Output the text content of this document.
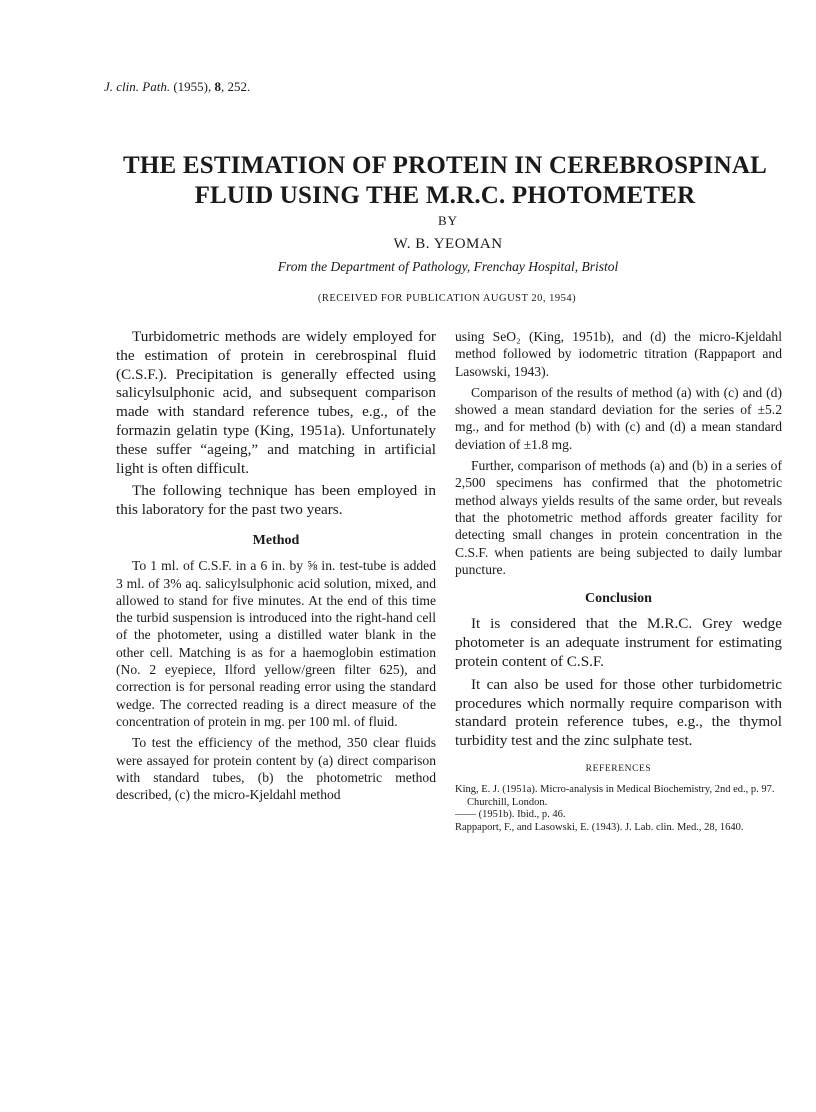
J. clin. Path. (1955), 8, 252.
THE ESTIMATION OF PROTEIN IN CEREBROSPINAL
FLUID USING THE M.R.C. PHOTOMETER
BY
W. B. YEOMAN
From the Department of Pathology, Frenchay Hospital, Bristol
(RECEIVED FOR PUBLICATION AUGUST 20, 1954)

Turbidometric methods are widely employed for the estimation of protein in cerebrospinal fluid (C.S.F.). Precipitation is generally effected using salicylsulphonic acid, and subsequent comparison made with standard reference tubes, e.g., of the formazin gelatin type (King, 1951a). Unfortunately these suffer “ageing,” and matching in artificial light is often difficult.

The following technique has been employed in this laboratory for the past two years.

Method

To 1 ml. of C.S.F. in a 6 in. by ⅝ in. test-tube is added 3 ml. of 3% aq. salicylsulphonic acid solution, mixed, and allowed to stand for five minutes. At the end of this time the turbid suspension is introduced into the right-hand cell of the photometer, using a distilled water blank in the other cell. Matching is as for a haemoglobin estimation (No. 2 eyepiece, Ilford yellow/green filter 625), and correction is for personal reading error using the standard wedge. The corrected reading is a direct measure of the concentration of protein in mg. per 100 ml. of fluid.

To test the efficiency of the method, 350 clear fluids were assayed for protein content by (a) direct comparison with standard tubes, (b) the photometric method described, (c) the micro-Kjeldahl method

using SeO₂ (King, 1951b), and (d) the micro-Kjeldahl method followed by iodometric titration (Rappaport and Lasowski, 1943).

Comparison of the results of method (a) with (c) and (d) showed a mean standard deviation for the series of ±5.2 mg., and for method (b) with (c) and (d) a mean standard deviation of ±1.8 mg.

Further, comparison of methods (a) and (b) in a series of 2,500 specimens has confirmed that the photometric method always yields results of the same order, but reveals that the photometric method affords greater facility for detecting small changes in protein concentration in the C.S.F. when patients are being subjected to daily lumbar puncture.

Conclusion

It is considered that the M.R.C. Grey wedge photometer is an adequate instrument for estimating protein content of C.S.F.

It can also be used for those other turbidometric procedures which normally require comparison with standard protein reference tubes, e.g., the thymol turbidity test and the zinc sulphate test.

REFERENCES
King, E. J. (1951a). Micro-analysis in Medical Biochemistry, 2nd ed., p. 97. Churchill, London.
—— (1951b). Ibid., p. 46.
Rappaport, F., and Lasowski, E. (1943). J. Lab. clin. Med., 28, 1640.
